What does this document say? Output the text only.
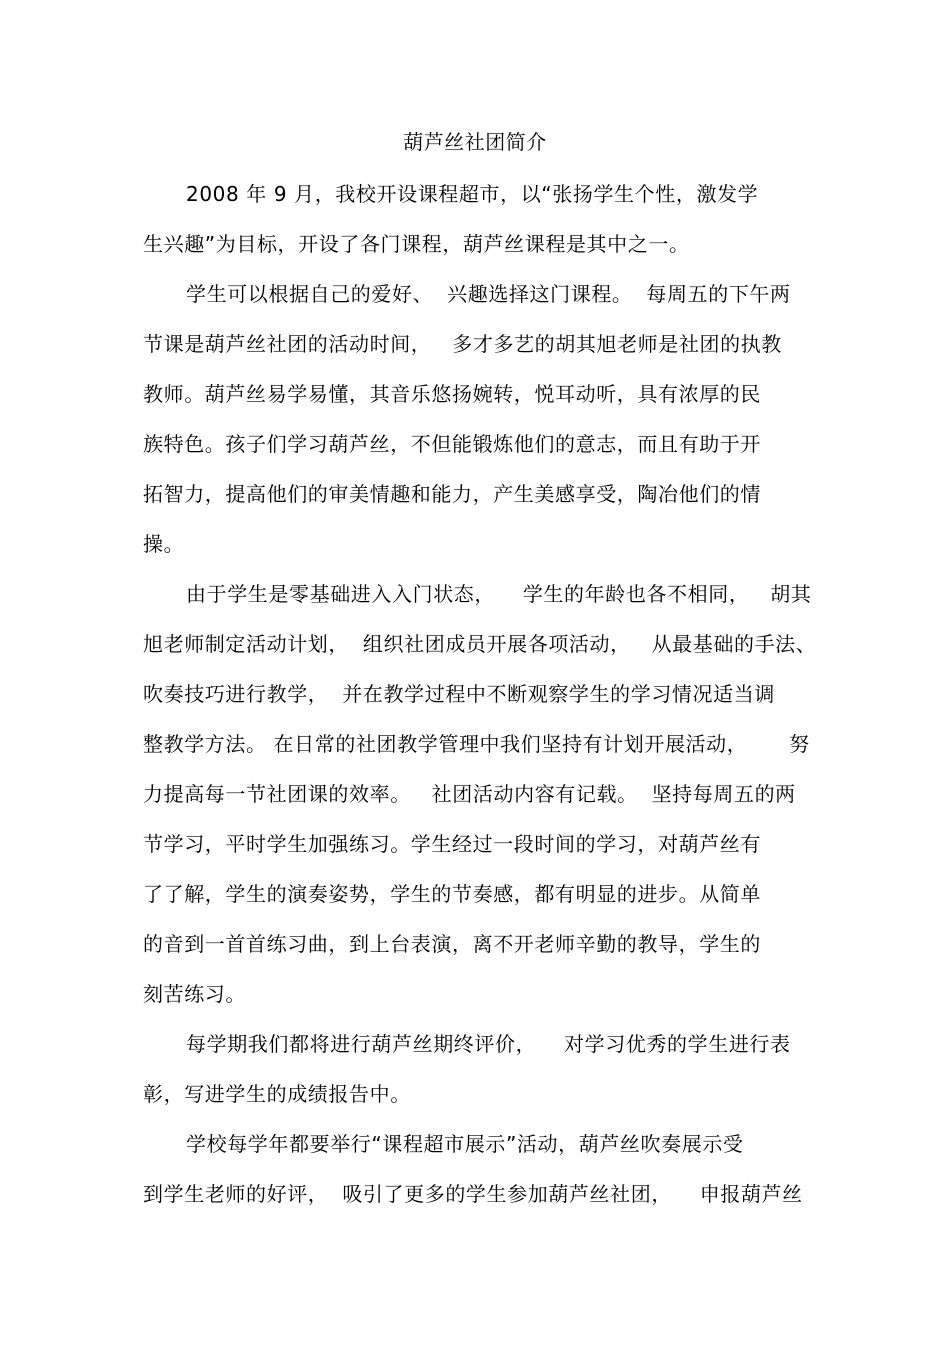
葫芦丝社团简介
2008 年 9 月，我校开设课程超市，以“张扬学生个性，激发学
生兴趣”为目标，开设了各门课程，葫芦丝课程是其中之一。
学生可以根据自己的爱好、  兴趣选择这门课程。  每周五的下午两
节课是葫芦丝社团的活动时间，   多才多艺的胡其旭老师是社团的执教
教师。葫芦丝易学易懂，其音乐悠扬婉转，悦耳动听，具有浓厚的民
族特色。孩子们学习葫芦丝，不但能锻炼他们的意志，而且有助于开
拓智力，提高他们的审美情趣和能力，产生美感享受，陶冶他们的情
操。
由于学生是零基础进入入门状态，    学生的年龄也各不相同，   胡其
旭老师制定活动计划，  组织社团成员开展各项活动，   从最基础的手法、
吹奏技巧进行教学，  并在教学过程中不断观察学生的学习情况适当调
整教学方法。 在日常的社团教学管理中我们坚持有计划开展活动，      努
力提高每一节社团课的效率。   社团活动内容有记载。  坚持每周五的两
节学习，平时学生加强练习。学生经过一段时间的学习，对葫芦丝有
了了解，学生的演奏姿势，学生的节奏感，都有明显的进步。从简单
的音到一首首练习曲，到上台表演，离不开老师辛勤的教导，学生的
刻苦练习。
每学期我们都将进行葫芦丝期终评价，    对学习优秀的学生进行表
彰，写进学生的成绩报告中。
学校每学年都要举行“课程超市展示”活动，葫芦丝吹奏展示受
到学生老师的好评，  吸引了更多的学生参加葫芦丝社团，    申报葫芦丝
